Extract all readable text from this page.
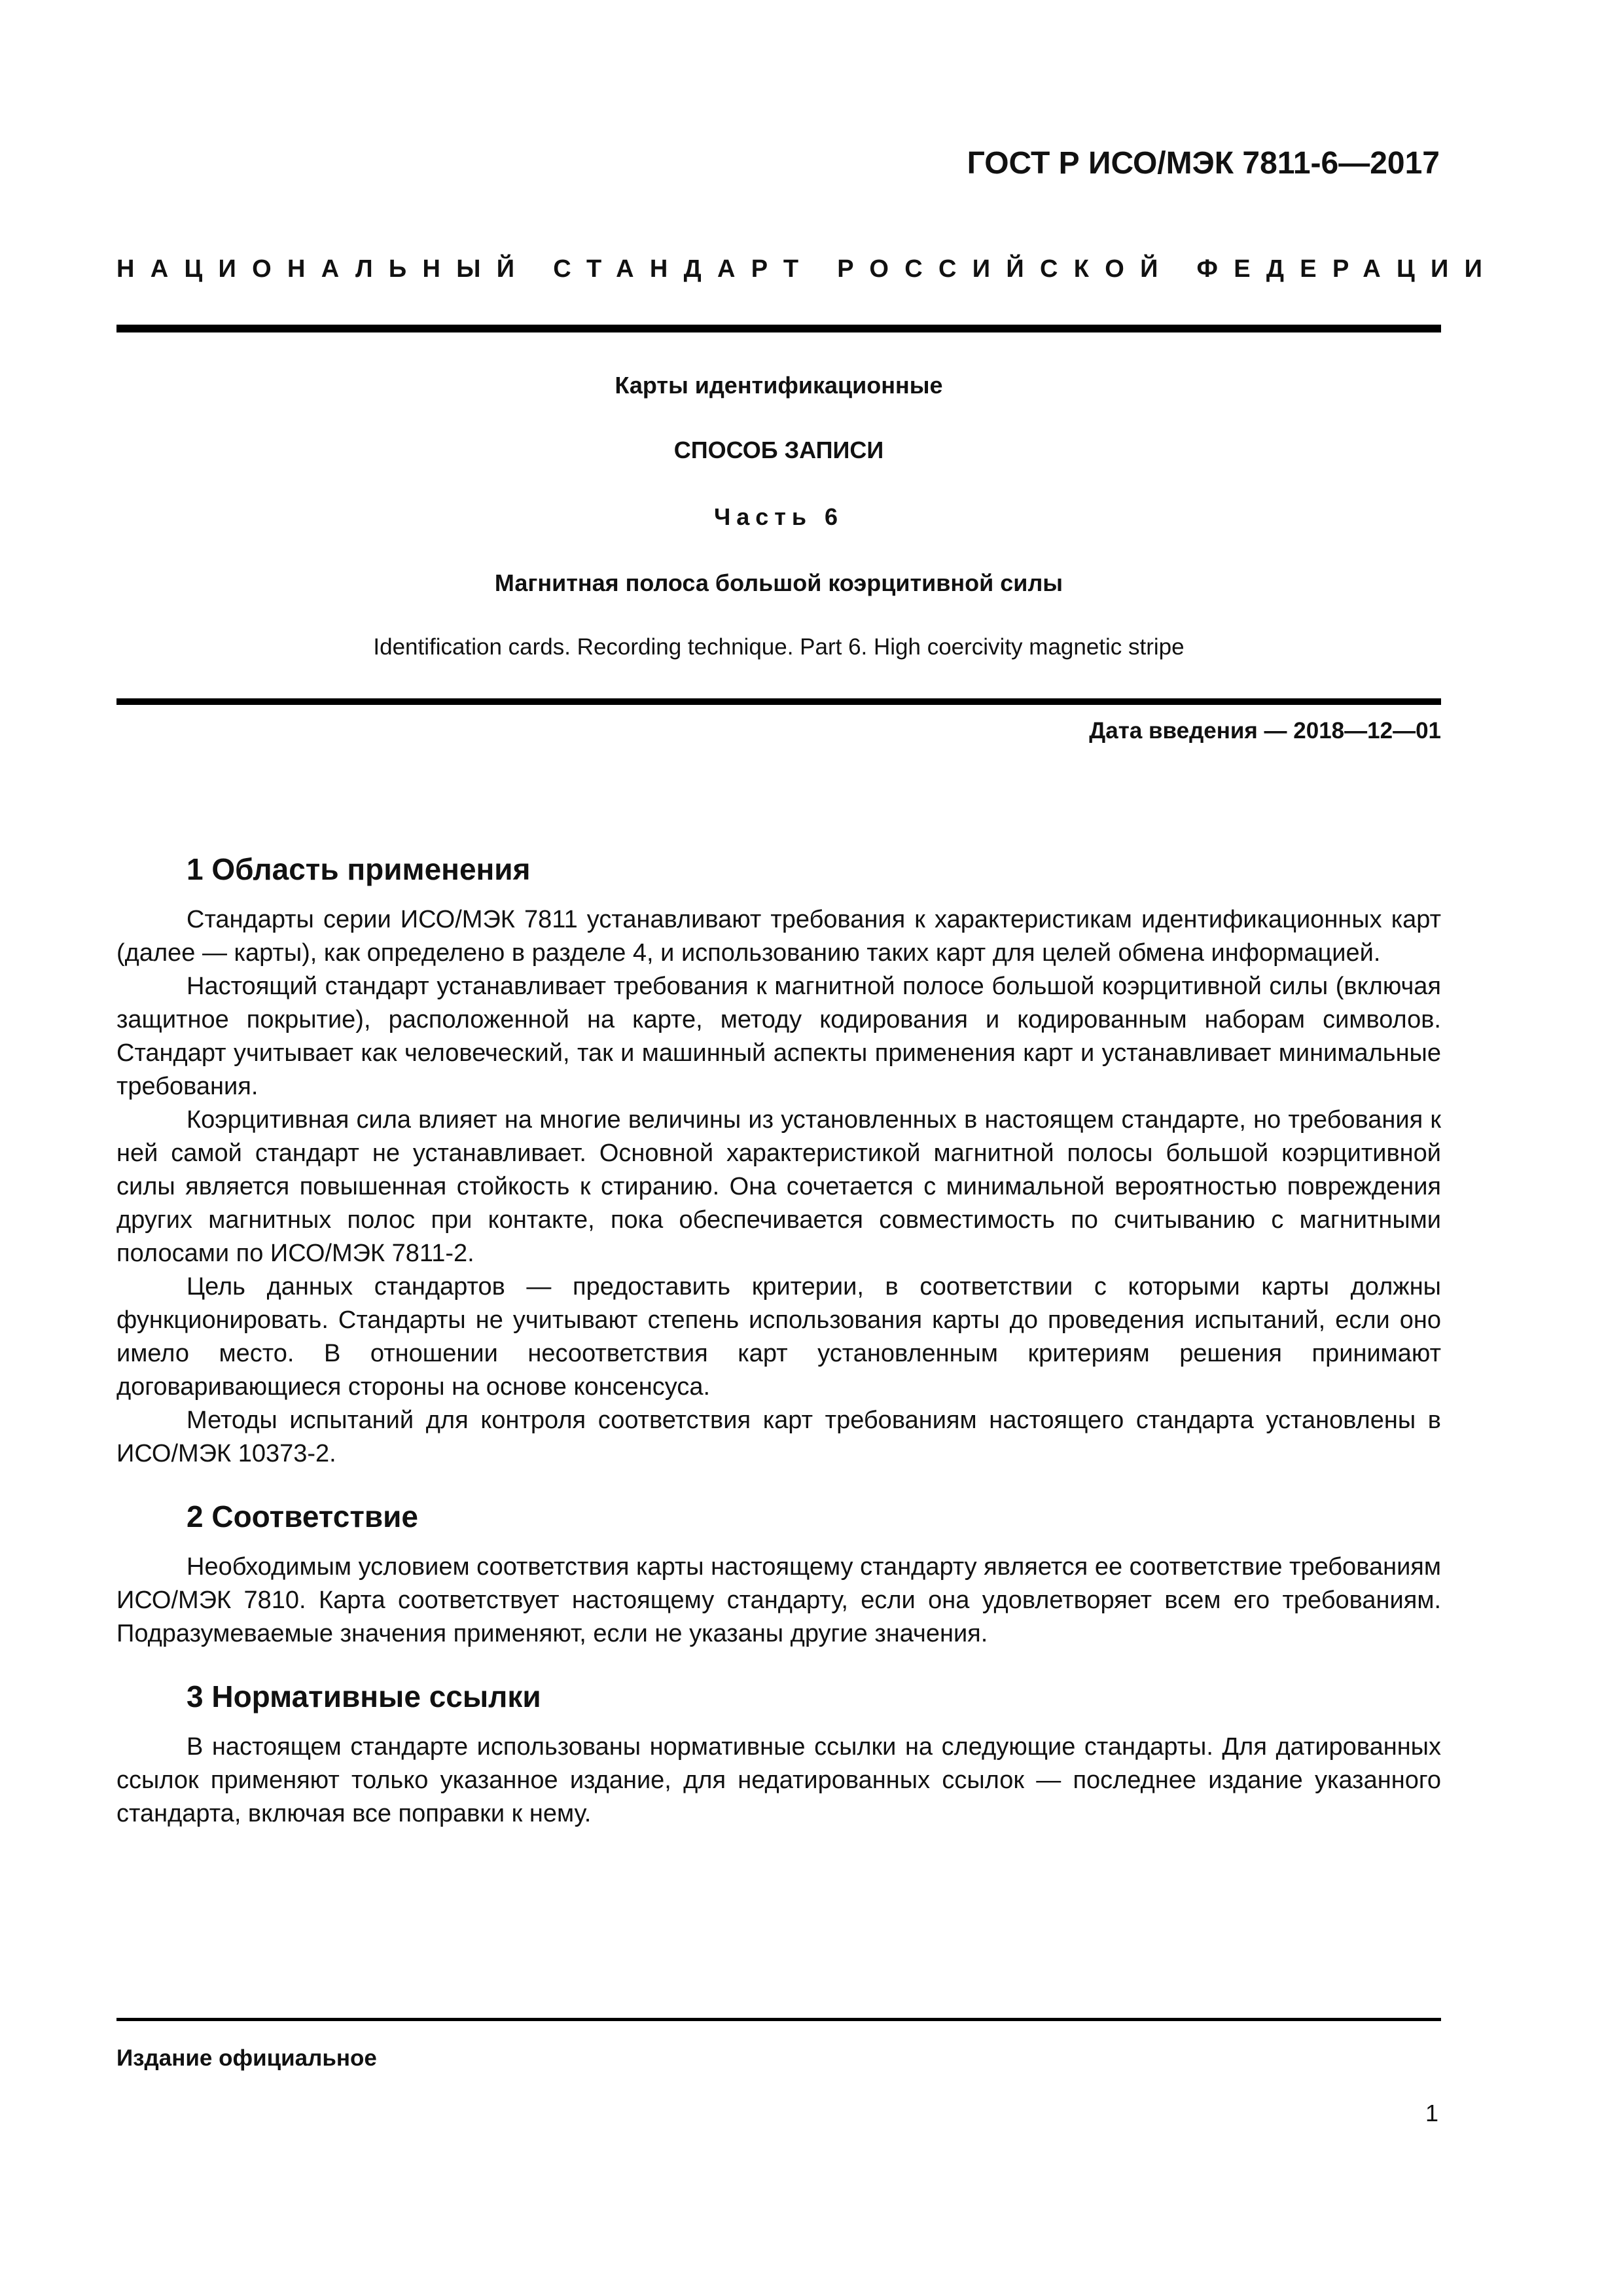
ГОСТ Р ИСО/МЭК 7811-6—2017
НАЦИОНАЛЬНЫЙ СТАНДАРТ РОССИЙСКОЙ ФЕДЕРАЦИИ
Карты идентификационные
СПОСОБ ЗАПИСИ
Часть 6
Магнитная полоса большой коэрцитивной силы
Identification cards. Recording technique. Part 6. High coercivity magnetic stripe
Дата введения — 2018—12—01
1 Область применения

Стандарты серии ИСО/МЭК 7811 устанавливают требования к характеристикам идентификационных карт (далее — карты), как определено в разделе 4, и использованию таких карт для целей обмена информацией.

Настоящий стандарт устанавливает требования к магнитной полосе большой коэрцитивной силы (включая защитное покрытие), расположенной на карте, методу кодирования и кодированным наборам символов. Стандарт учитывает как человеческий, так и машинный аспекты применения карт и устанавливает минимальные требования.

Коэрцитивная сила влияет на многие величины из установленных в настоящем стандарте, но требования к ней самой стандарт не устанавливает. Основной характеристикой магнитной полосы большой коэрцитивной силы является повышенная стойкость к стиранию. Она сочетается с минимальной вероятностью повреждения других магнитных полос при контакте, пока обеспечивается совместимость по считыванию с магнитными полосами по ИСО/МЭК 7811-2.

Цель данных стандартов — предоставить критерии, в соответствии с которыми карты должны функционировать. Стандарты не учитывают степень использования карты до проведения испытаний, если оно имело место. В отношении несоответствия карт установленным критериям решения принимают договаривающиеся стороны на основе консенсуса.

Методы испытаний для контроля соответствия карт требованиям настоящего стандарта установлены в ИСО/МЭК 10373-2.

2 Соответствие

Необходимым условием соответствия карты настоящему стандарту является ее соответствие требованиям ИСО/МЭК 7810. Карта соответствует настоящему стандарту, если она удовлетворяет всем его требованиям. Подразумеваемые значения применяют, если не указаны другие значения.

3 Нормативные ссылки

В настоящем стандарте использованы нормативные ссылки на следующие стандарты. Для датированных ссылок применяют только указанное издание, для недатированных ссылок — последнее издание указанного стандарта, включая все поправки к нему.

Издание официальное
1
